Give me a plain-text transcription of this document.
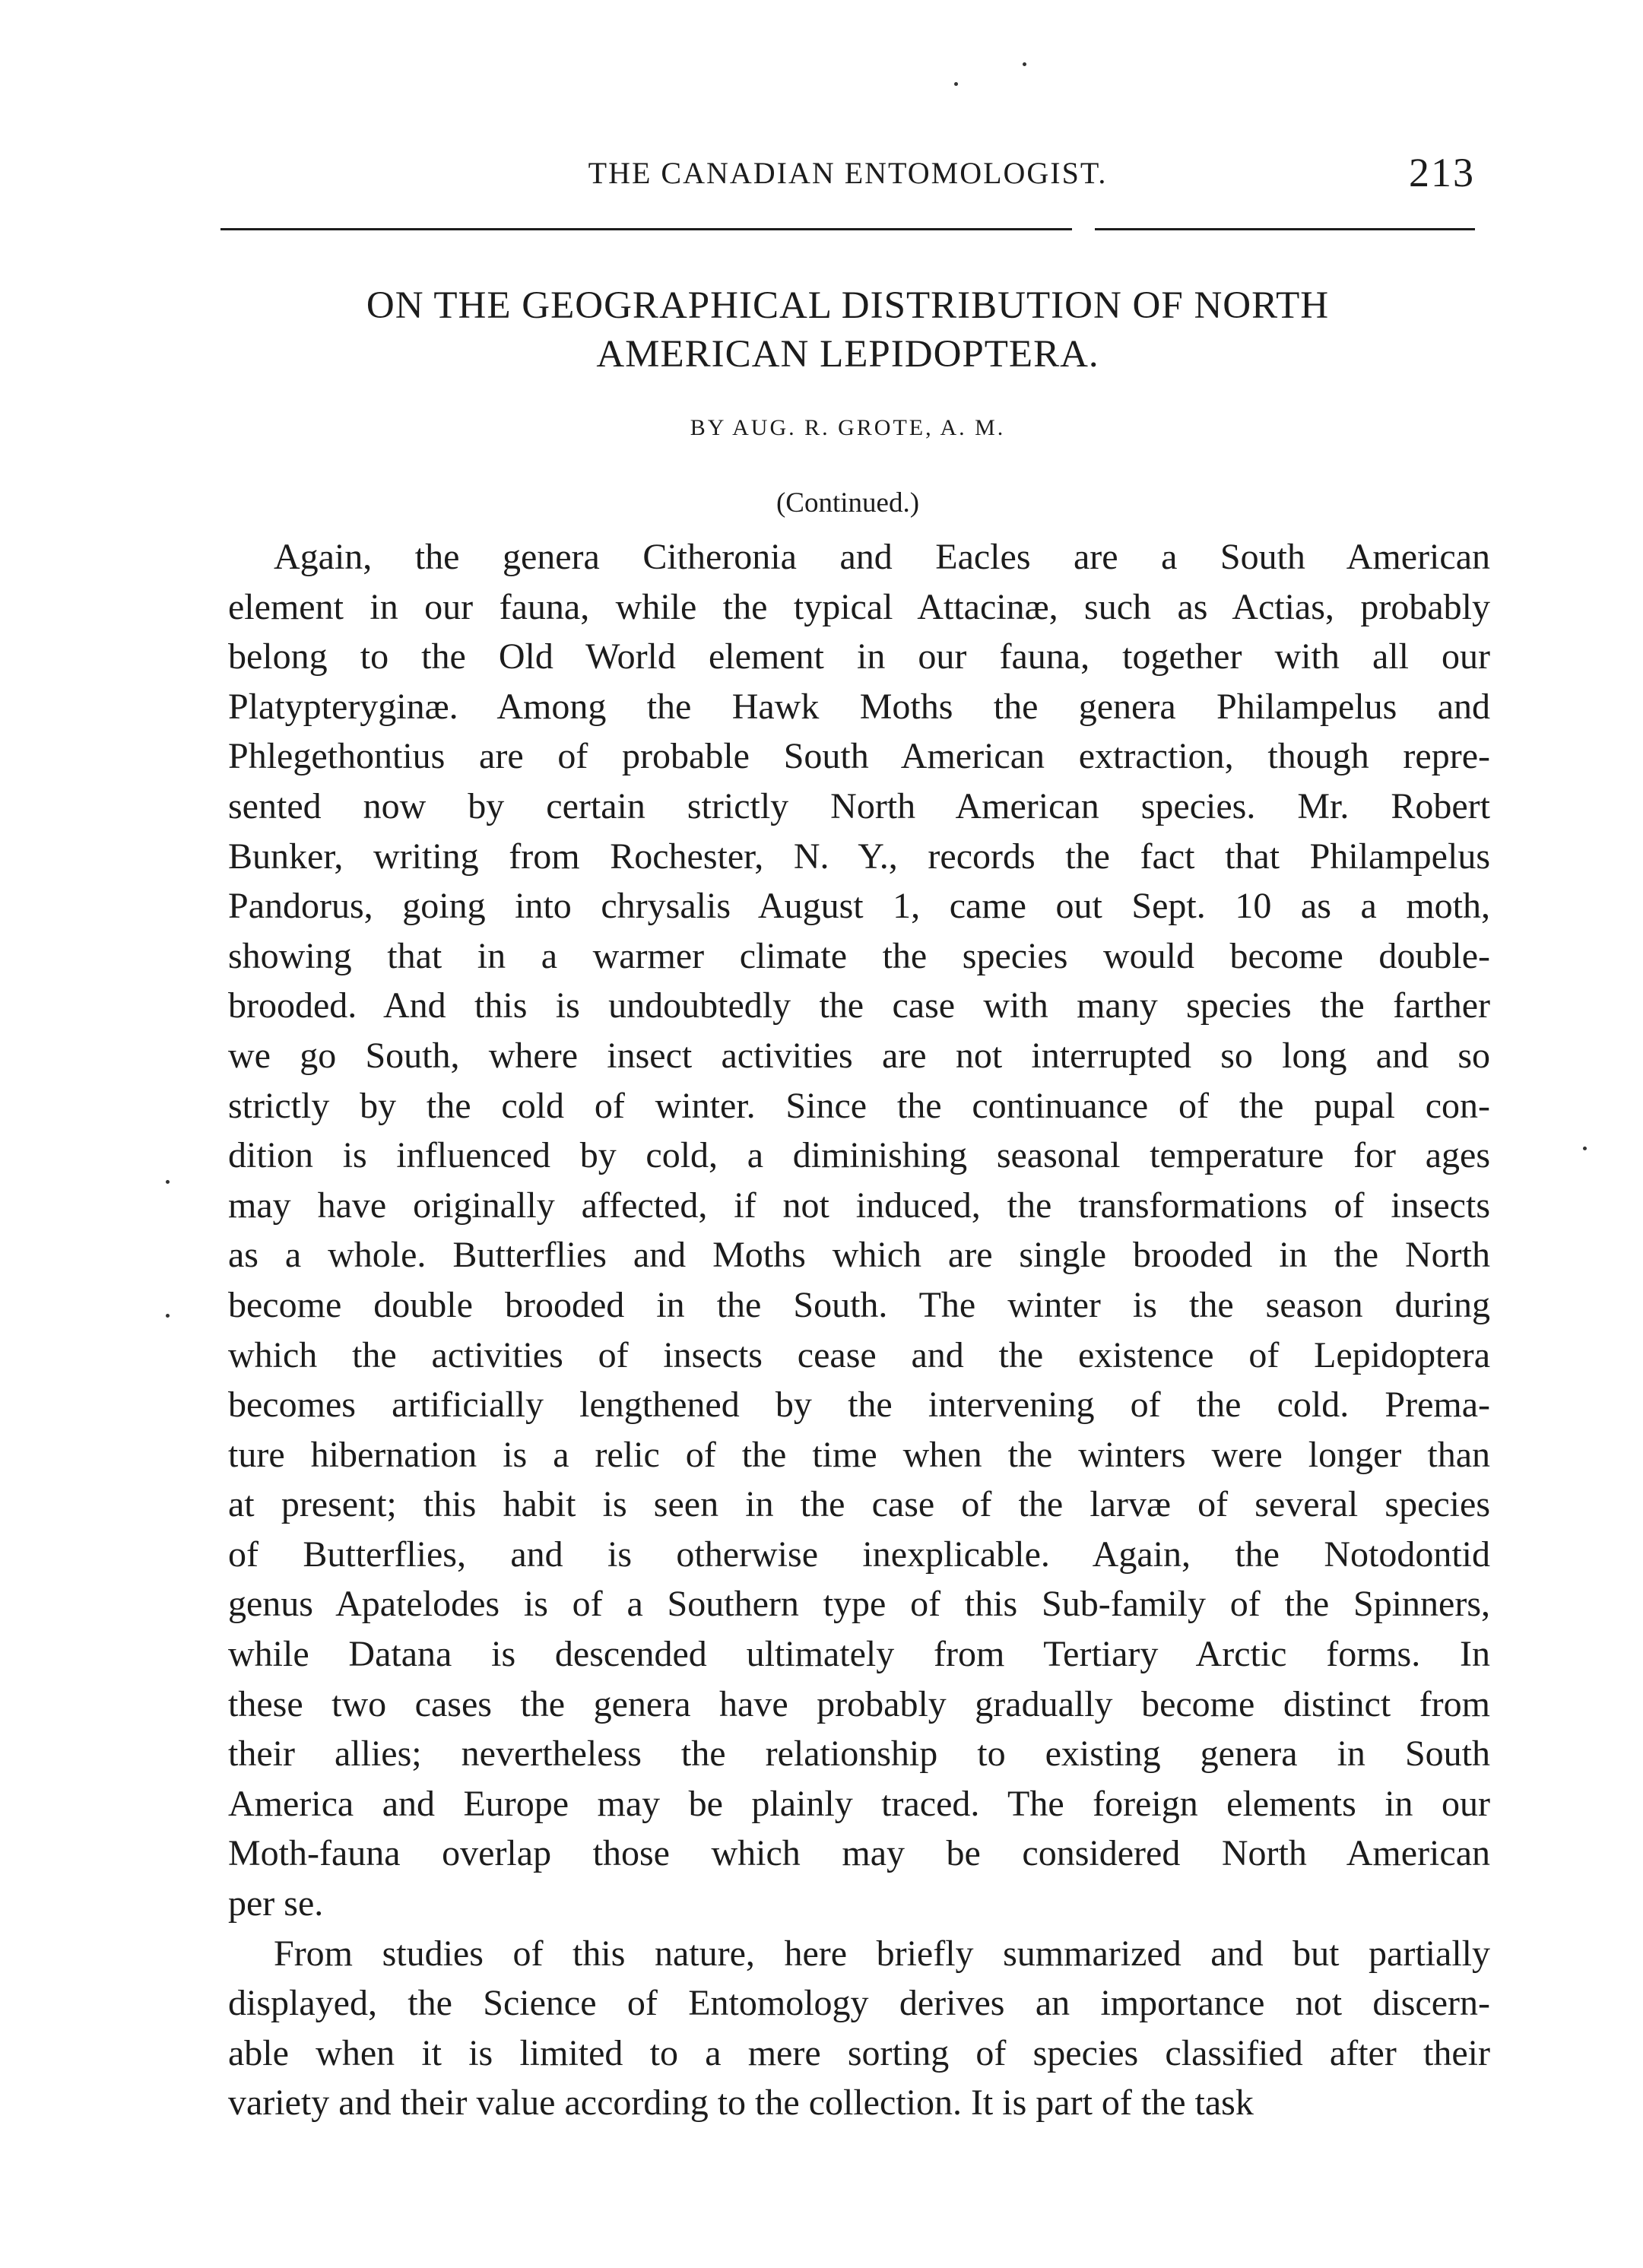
THE CANADIAN ENTOMOLOGIST.	213
ON THE GEOGRAPHICAL DISTRIBUTION OF NORTH
AMERICAN LEPIDOPTERA.
BY AUG. R. GROTE, A. M.
(Continued.)
Again, the genera Citheronia and Eacles are a South American
element in our fauna, while the typical Attacinæ, such as Actias, probably
belong to the Old World element in our fauna, together with all our
Platypteryginæ. Among the Hawk Moths the genera Philampelus and
Phlegethontius are of probable South American extraction, though repre-
sented now by certain strictly North American species. Mr. Robert
Bunker, writing from Rochester, N. Y., records the fact that Philampelus
Pandorus, going into chrysalis August 1, came out Sept. 10 as a moth,
showing that in a warmer climate the species would become double-
brooded. And this is undoubtedly the case with many species the farther
we go South, where insect activities are not interrupted so long and so
strictly by the cold of winter. Since the continuance of the pupal con-
dition is influenced by cold, a diminishing seasonal temperature for ages
may have originally affected, if not induced, the transformations of insects
as a whole. Butterflies and Moths which are single brooded in the North
become double brooded in the South. The winter is the season during
which the activities of insects cease and the existence of Lepidoptera
becomes artificially lengthened by the intervening of the cold. Prema-
ture hibernation is a relic of the time when the winters were longer than
at present; this habit is seen in the case of the larvæ of several species
of Butterflies, and is otherwise inexplicable. Again, the Notodontid
genus Apatelodes is of a Southern type of this Sub-family of the Spinners,
while Datana is descended ultimately from Tertiary Arctic forms. In
these two cases the genera have probably gradually become distinct from
their allies; nevertheless the relationship to existing genera in South
America and Europe may be plainly traced. The foreign elements in our
Moth-fauna overlap those which may be considered North American
per se.
From studies of this nature, here briefly summarized and but partially
displayed, the Science of Entomology derives an importance not discern-
able when it is limited to a mere sorting of species classified after their
variety and their value according to the collection. It is part of the task
